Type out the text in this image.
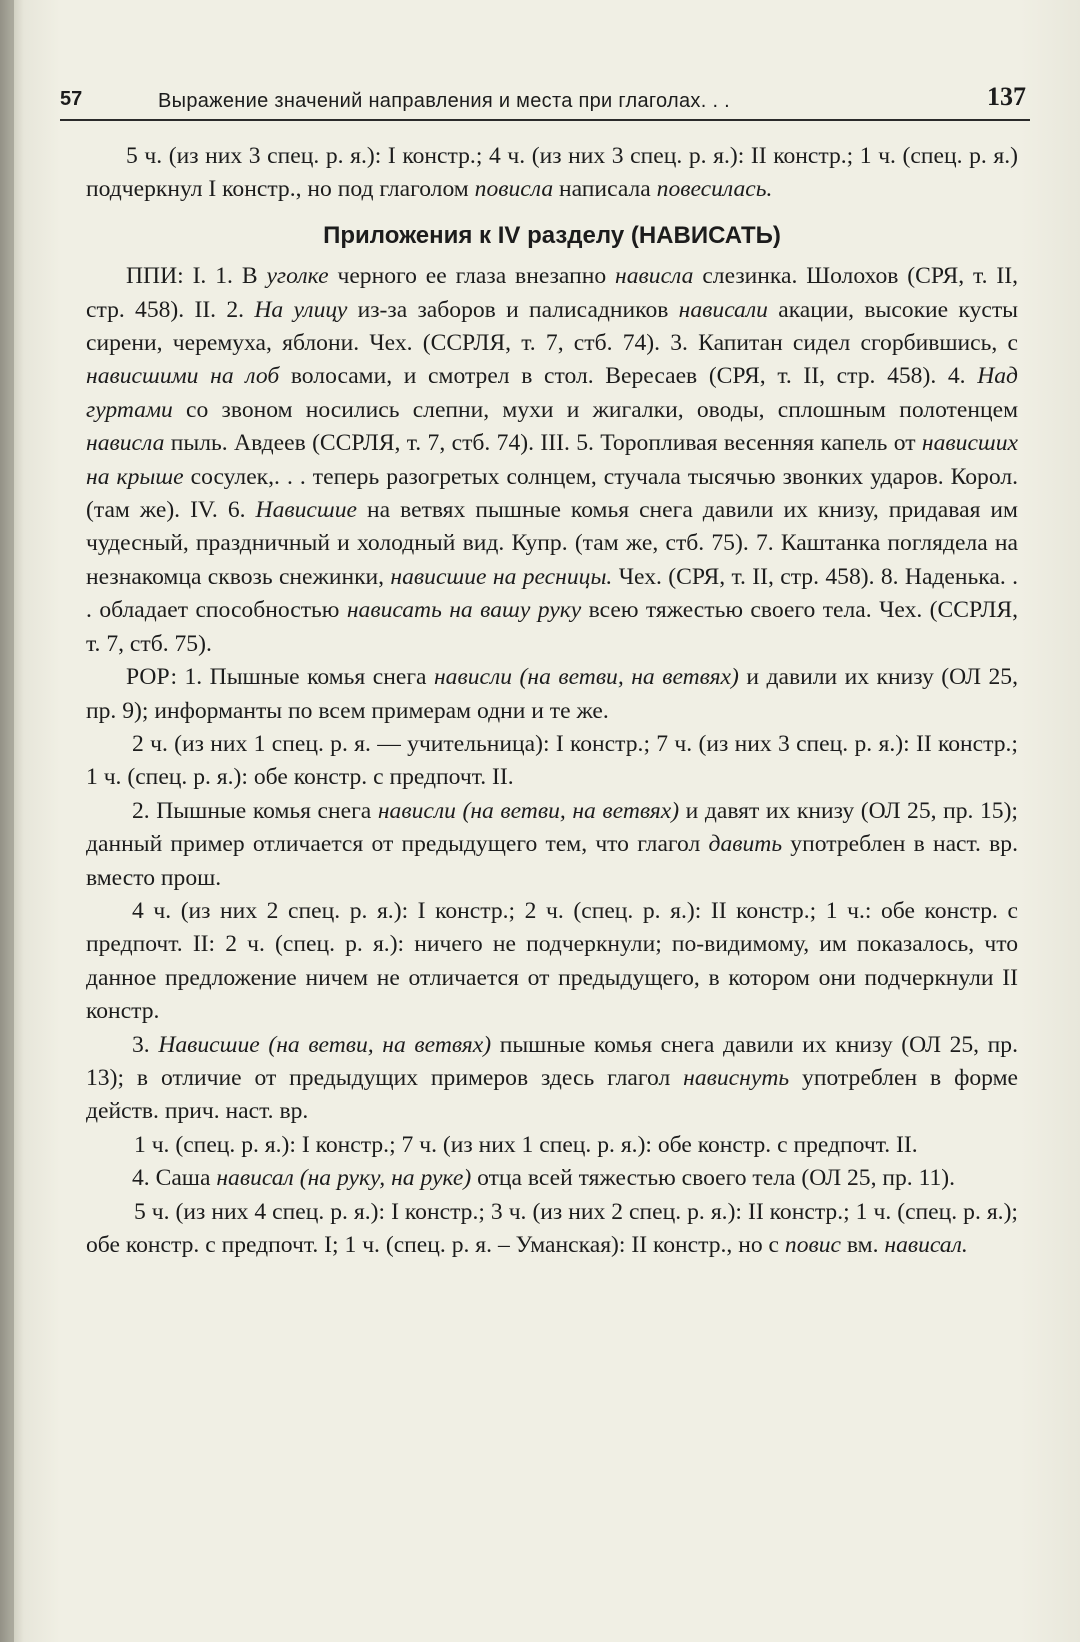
57	Выражение значений направления и места при глаголах. . .	137

5 ч. (из них 3 спец. р. я.): I констр.; 4 ч. (из них 3 спец. р. я.): II констр.; 1 ч. (спец. р. я.) подчеркнул I констр., но под глаголом повисла написала повесилась.

Приложения к IV разделу (НАВИСАТЬ)

ППИ: I. 1. В уголке черного ее глаза внезапно нависла слезинка. Шолохов (СРЯ, т. II, стр. 458). II. 2. На улицу из-за заборов и палисадников нависали акации, высокие кусты сирени, черемуха, яблони. Чех. (ССРЛЯ, т. 7, стб. 74). 3. Капитан сидел сгорбившись, с нависшими на лоб волосами, и смотрел в стол. Вересаев (СРЯ, т. II, стр. 458). 4. Над гуртами со звоном носились слепни, мухи и жигалки, оводы, сплошным полотенцем нависла пыль. Авдеев (ССРЛЯ, т. 7, стб. 74). III. 5. Торопливая весенняя капель от нависших на крыше сосулек,. . . теперь разогретых солнцем, стучала тысячью звонких ударов. Корол. (там же). IV. 6. Нависшие на ветвях пышные комья снега давили их книзу, придавая им чудесный, праздничный и холодный вид. Купр. (там же, стб. 75). 7. Каштанка поглядела на незнакомца сквозь снежинки, нависшие на ресницы. Чех. (СРЯ, т. II, стр. 458). 8. Наденька. . . обладает способностью нависать на вашу руку всею тяжестью своего тела. Чех. (ССРЛЯ, т. 7, стб. 75).

РОР: 1. Пышные комья снега нависли (на ветви, на ветвях) и давили их книзу (ОЛ 25, пр. 9); информанты по всем примерам одни и те же.

2 ч. (из них 1 спец. р. я. — учительница): I констр.; 7 ч. (из них 3 спец. р. я.): II констр.; 1 ч. (спец. р. я.): обе констр. с предпочт. II.

2. Пышные комья снега нависли (на ветви, на ветвях) и давят их книзу (ОЛ 25, пр. 15); данный пример отличается от предыдущего тем, что глагол давить употреблен в наст. вр. вместо прош.

4 ч. (из них 2 спец. р. я.): I констр.; 2 ч. (спец. р. я.): II констр.; 1 ч.: обе констр. с предпочт. II: 2 ч. (спец. р. я.): ничего не подчеркнули; по-видимому, им показалось, что данное предложение ничем не отличается от предыдущего, в котором они подчеркнули II констр.

3. Нависшие (на ветви, на ветвях) пышные комья снега давили их книзу (ОЛ 25, пр. 13); в отличие от предыдущих примеров здесь глагол нависнуть употреблен в форме действ. прич. наст. вр.

1 ч. (спец. р. я.): I констр.; 7 ч. (из них 1 спец. р. я.): обе констр. с предпочт. II.

4. Саша нависал (на руку, на руке) отца всей тяжестью своего тела (ОЛ 25, пр. 11).

5 ч. (из них 4 спец. р. я.): I констр.; 3 ч. (из них 2 спец. р. я.): II констр.; 1 ч. (спец. р. я.); обе констр. с предпочт. I; 1 ч. (спец. р. я. – Уманская): II констр., но с повис вм. нависал.
